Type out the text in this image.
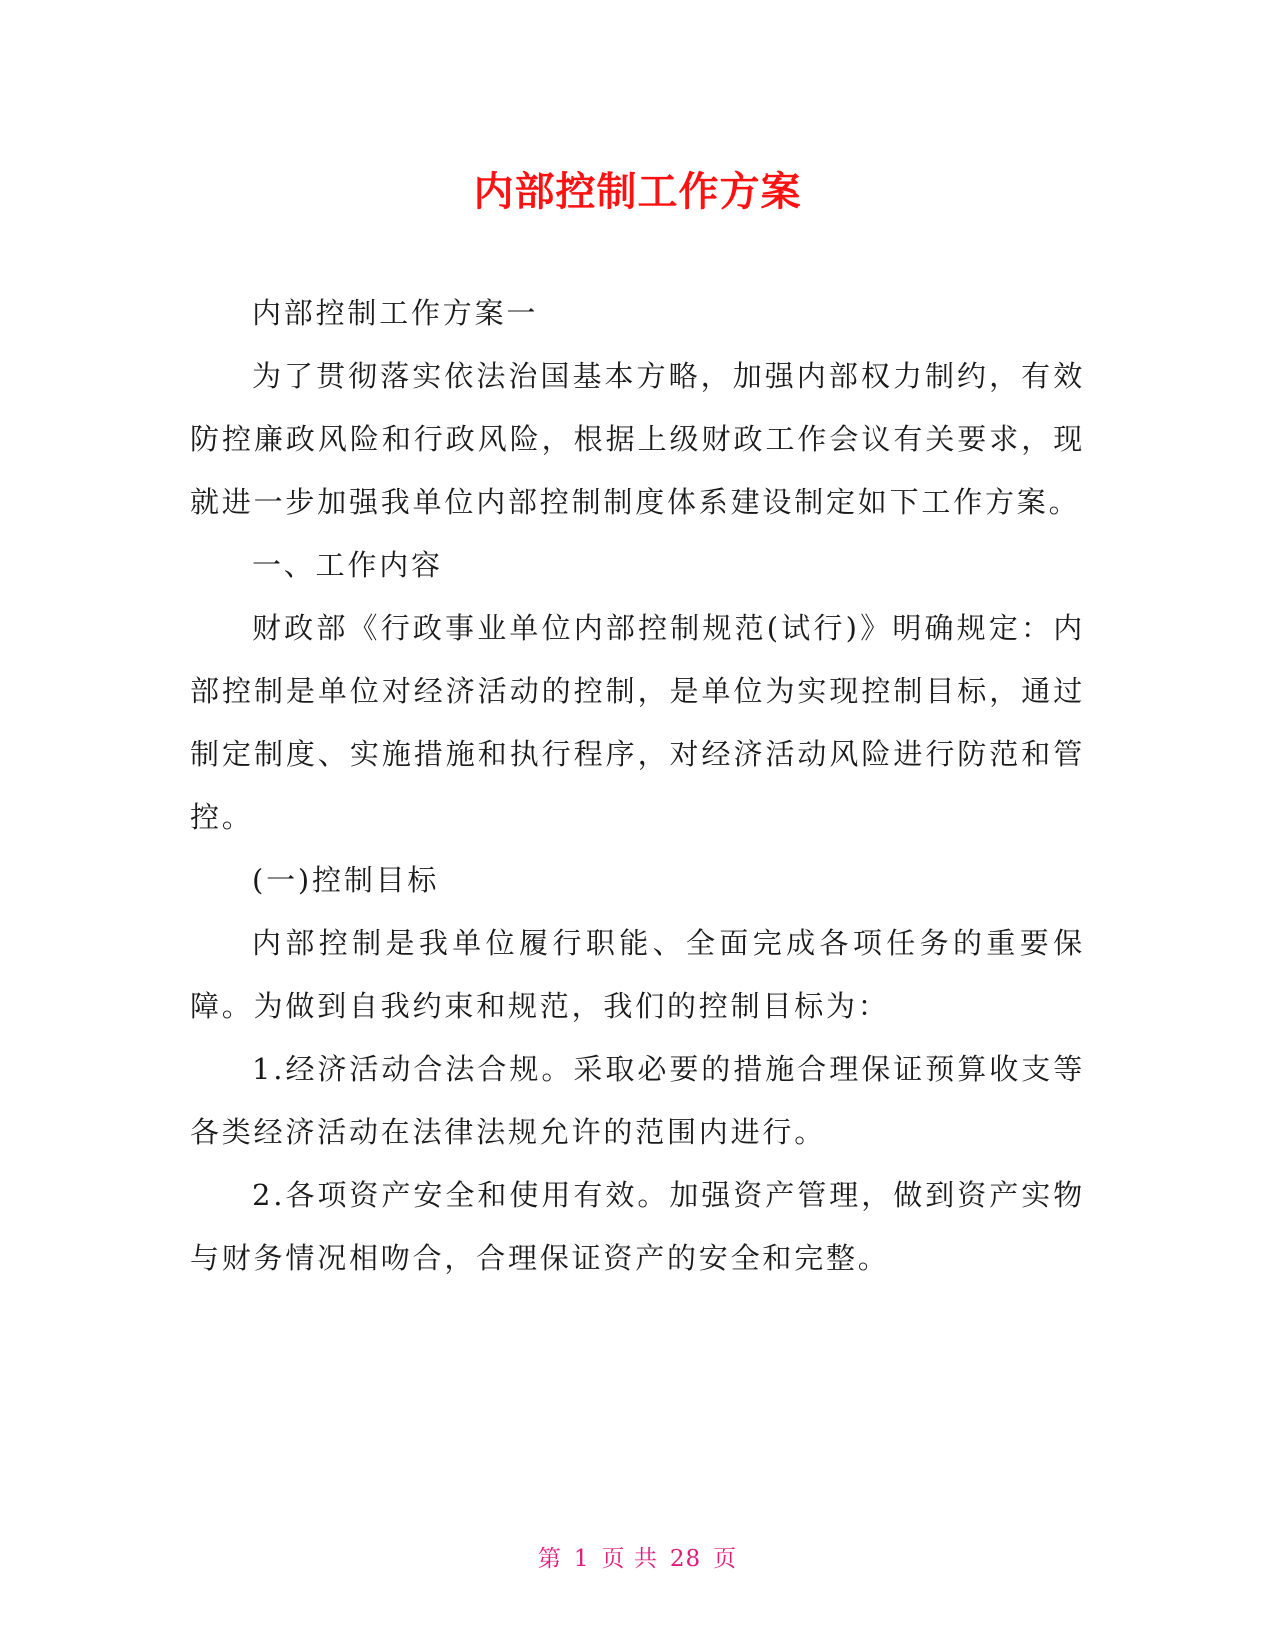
内部控制工作方案

内部控制工作方案一

为了贯彻落实依法治国基本方略，加强内部权力制约，有效防控廉政风险和行政风险，根据上级财政工作会议有关要求，现就进一步加强我单位内部控制制度体系建设制定如下工作方案。

一、工作内容

财政部《行政事业单位内部控制规范(试行)》明确规定：内部控制是单位对经济活动的控制，是单位为实现控制目标，通过制定制度、实施措施和执行程序，对经济活动风险进行防范和管控。

(一)控制目标

内部控制是我单位履行职能、全面完成各项任务的重要保障。为做到自我约束和规范，我们的控制目标为：

1.经济活动合法合规。采取必要的措施合理保证预算收支等各类经济活动在法律法规允许的范围内进行。

2.各项资产安全和使用有效。加强资产管理，做到资产实物与财务情况相吻合，合理保证资产的安全和完整。

第 1 页 共 28 页
